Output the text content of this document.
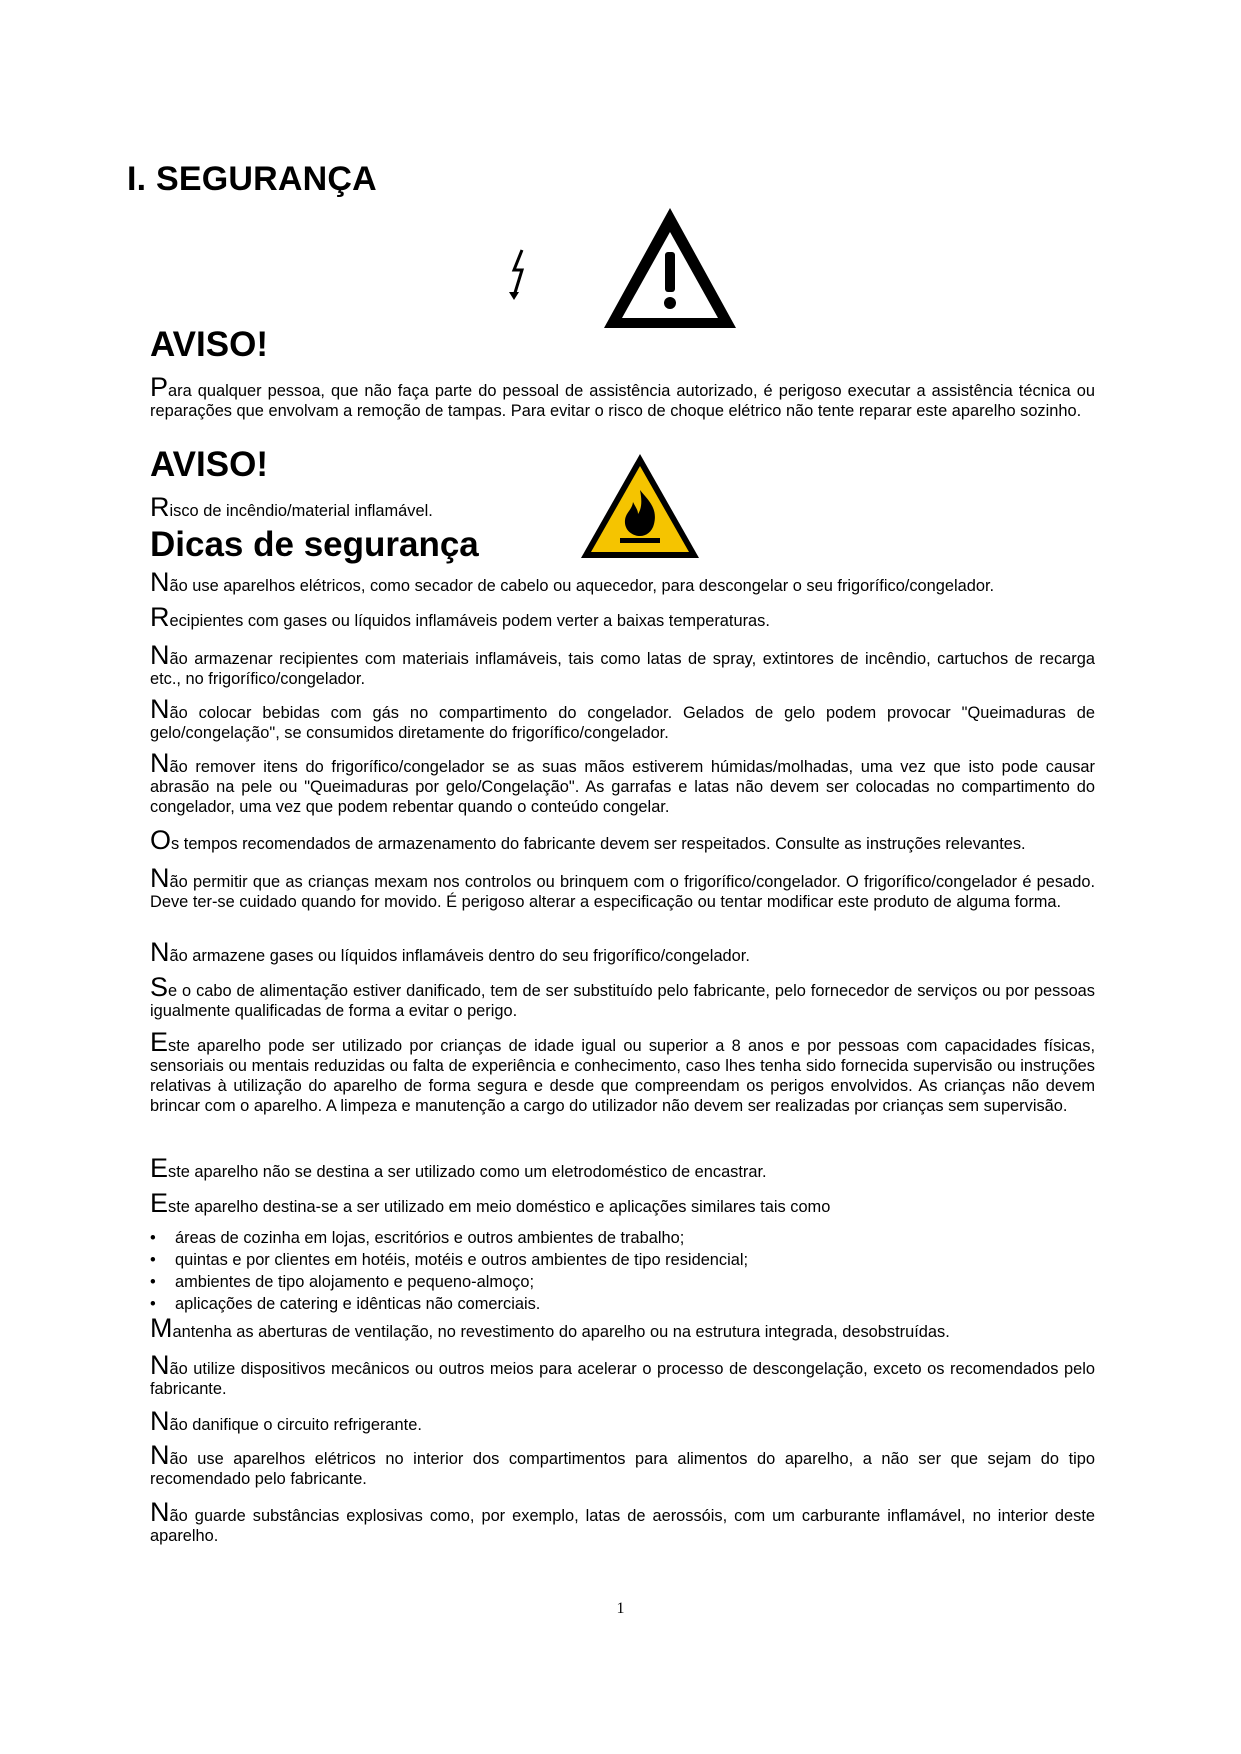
I. SEGURANÇA
AVISO!

Para qualquer pessoa, que não faça parte do pessoal de assistência autorizado, é perigoso executar a assistência técnica ou reparações que envolvam a remoção de tampas. Para evitar o risco de choque elétrico não tente reparar este aparelho sozinho.

AVISO!

Risco de incêndio/material inflamável.

Dicas de segurança

Não use aparelhos elétricos, como secador de cabelo ou aquecedor, para descongelar o seu frigorífico/congelador.

Recipientes com gases ou líquidos inflamáveis podem verter a baixas temperaturas.

Não armazenar recipientes com materiais inflamáveis, tais como latas de spray, extintores de incêndio, cartuchos de recarga etc., no frigorífico/congelador.

Não colocar bebidas com gás no compartimento do congelador. Gelados de gelo podem provocar "Queimaduras de gelo/congelação", se consumidos diretamente do frigorífico/congelador.

Não remover itens do frigorífico/congelador se as suas mãos estiverem húmidas/molhadas, uma vez que isto pode causar abrasão na pele ou "Queimaduras por gelo/Congelação". As garrafas e latas não devem ser colocadas no compartimento do congelador, uma vez que podem rebentar quando o conteúdo congelar.

Os tempos recomendados de armazenamento do fabricante devem ser respeitados. Consulte as instruções relevantes.

Não permitir que as crianças mexam nos controlos ou brinquem com o frigorífico/congelador. O frigorífico/congelador é pesado. Deve ter-se cuidado quando for movido. É perigoso alterar a especificação ou tentar modificar este produto de alguma forma.

Não armazene gases ou líquidos inflamáveis dentro do seu frigorífico/congelador.

Se o cabo de alimentação estiver danificado, tem de ser substituído pelo fabricante, pelo fornecedor de serviços ou por pessoas igualmente qualificadas de forma a evitar o perigo.

Este aparelho pode ser utilizado por crianças de idade igual ou superior a 8 anos e por pessoas com capacidades físicas, sensoriais ou mentais reduzidas ou falta de experiência e conhecimento, caso lhes tenha sido fornecida supervisão ou instruções relativas à utilização do aparelho de forma segura e desde que compreendam os perigos envolvidos. As crianças não devem brincar com o aparelho. A limpeza e manutenção a cargo do utilizador não devem ser realizadas por crianças sem supervisão.

Este aparelho não se destina a ser utilizado como um eletrodoméstico de encastrar.

Este aparelho destina-se a ser utilizado em meio doméstico e aplicações similares tais como

• áreas de cozinha em lojas, escritórios e outros ambientes de trabalho;
• quintas e por clientes em hotéis, motéis e outros ambientes de tipo residencial;
• ambientes de tipo alojamento e pequeno-almoço;
• aplicações de catering e idênticas não comerciais.

Mantenha as aberturas de ventilação, no revestimento do aparelho ou na estrutura integrada, desobstruídas.

Não utilize dispositivos mecânicos ou outros meios para acelerar o processo de descongelação, exceto os recomendados pelo fabricante.

Não danifique o circuito refrigerante.

Não use aparelhos elétricos no interior dos compartimentos para alimentos do aparelho, a não ser que sejam do tipo recomendado pelo fabricante.

Não guarde substâncias explosivas como, por exemplo, latas de aerossóis, com um carburante inflamável, no interior deste aparelho.

1
